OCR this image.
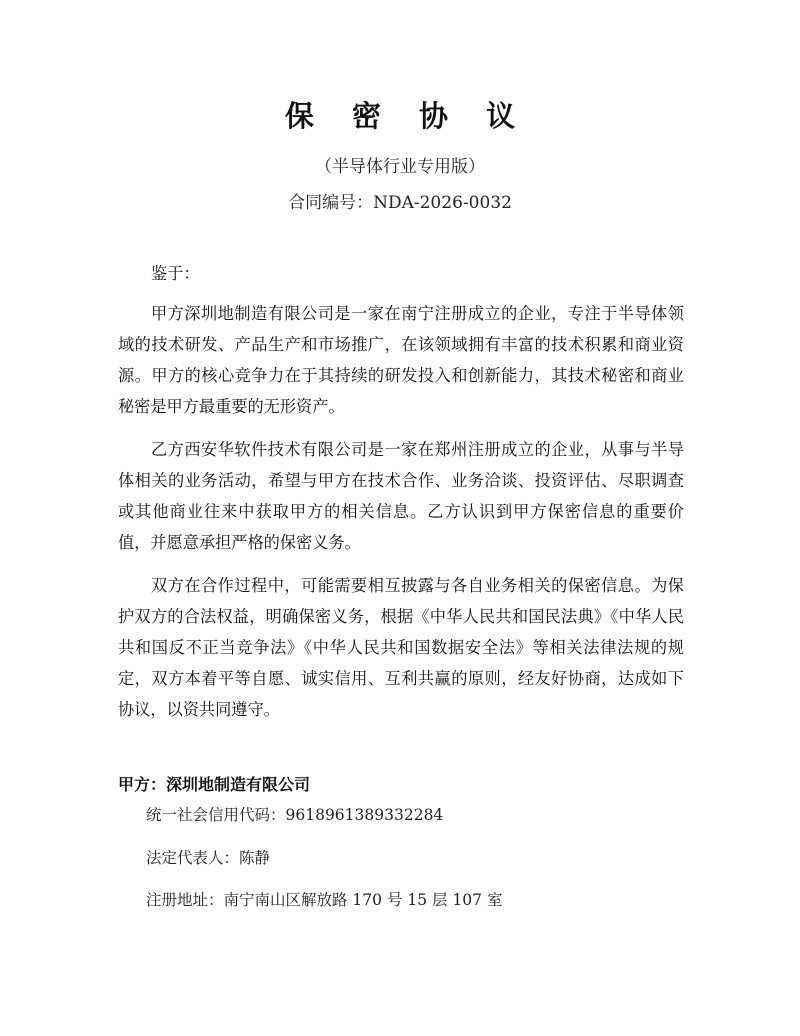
保 密 协 议
（半导体行业专用版）
合同编号：NDA-2026-0032

鉴于：

甲方深圳地制造有限公司是一家在南宁注册成立的企业，专注于半导体领域的技术研发、产品生产和市场推广，在该领域拥有丰富的技术积累和商业资源。甲方的核心竞争力在于其持续的研发投入和创新能力，其技术秘密和商业秘密是甲方最重要的无形资产。

乙方西安华软件技术有限公司是一家在郑州注册成立的企业，从事与半导体相关的业务活动，希望与甲方在技术合作、业务洽谈、投资评估、尽职调查或其他商业往来中获取甲方的相关信息。乙方认识到甲方保密信息的重要价值，并愿意承担严格的保密义务。

双方在合作过程中，可能需要相互披露与各自业务相关的保密信息。为保护双方的合法权益，明确保密义务，根据《中华人民共和国民法典》《中华人民共和国反不正当竞争法》《中华人民共和国数据安全法》等相关法律法规的规定，双方本着平等自愿、诚实信用、互利共赢的原则，经友好协商，达成如下协议，以资共同遵守。

甲方：深圳地制造有限公司
统一社会信用代码：9618961389332284
法定代表人：陈静
注册地址：南宁南山区解放路 170 号 15 层 107 室
